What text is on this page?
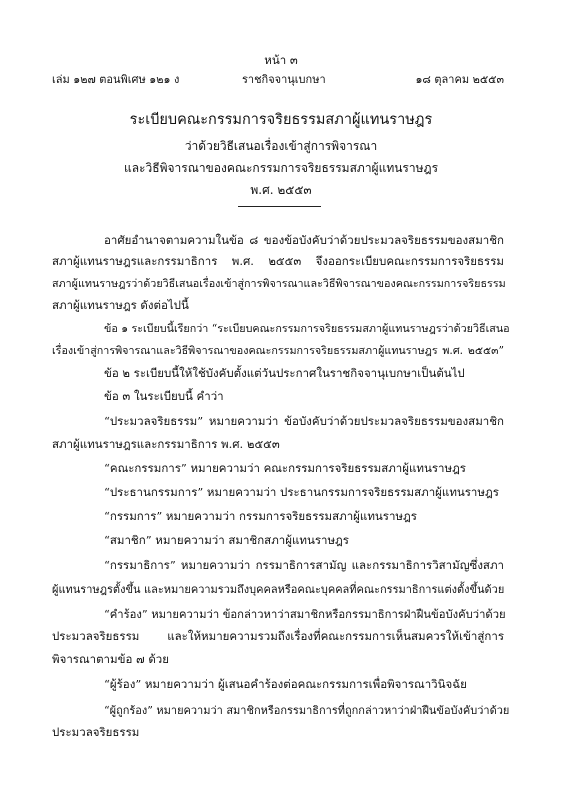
หน้า ๓
เล่ม ๑๒๗ ตอนพิเศษ ๑๒๑ ง	ราชกิจจานุเบกษา	๑๘ ตุลาคม ๒๕๕๓
ระเบียบคณะกรรมการจริยธรรมสภาผู้แทนราษฎร
ว่าด้วยวิธีเสนอเรื่องเข้าสู่การพิจารณา
และวิธีพิจารณาของคณะกรรมการจริยธรรมสภาผู้แทนราษฎร
พ.ศ. ๒๕๕๓
อาศัยอำนาจตามความในข้อ ๘ ของข้อบังคับว่าด้วยประมวลจริยธรรมของสมาชิก
สภาผู้แทนราษฎรและกรรมาธิการ พ.ศ. ๒๕๕๓ จึงออกระเบียบคณะกรรมการจริยธรรม
สภาผู้แทนราษฎรว่าด้วยวิธีเสนอเรื่องเข้าสู่การพิจารณาและวิธีพิจารณาของคณะกรรมการจริยธรรม
สภาผู้แทนราษฎร ดังต่อไปนี้
ข้อ ๑ ระเบียบนี้เรียกว่า “ระเบียบคณะกรรมการจริยธรรมสภาผู้แทนราษฎรว่าด้วยวิธีเสนอ
เรื่องเข้าสู่การพิจารณาและวิธีพิจารณาของคณะกรรมการจริยธรรมสภาผู้แทนราษฎร พ.ศ. ๒๕๕๓”
ข้อ ๒ ระเบียบนี้ให้ใช้บังคับตั้งแต่วันประกาศในราชกิจจานุเบกษาเป็นต้นไป
ข้อ ๓ ในระเบียบนี้ คำว่า
“ประมวลจริยธรรม” หมายความว่า ข้อบังคับว่าด้วยประมวลจริยธรรมของสมาชิก
สภาผู้แทนราษฎรและกรรมาธิการ พ.ศ. ๒๕๕๓
“คณะกรรมการ” หมายความว่า คณะกรรมการจริยธรรมสภาผู้แทนราษฎร
“ประธานกรรมการ” หมายความว่า ประธานกรรมการจริยธรรมสภาผู้แทนราษฎร
“กรรมการ” หมายความว่า กรรมการจริยธรรมสภาผู้แทนราษฎร
“สมาชิก” หมายความว่า สมาชิกสภาผู้แทนราษฎร
“กรรมาธิการ” หมายความว่า กรรมาธิการสามัญ และกรรมาธิการวิสามัญซึ่งสภา
ผู้แทนราษฎรตั้งขึ้น และหมายความรวมถึงบุคคลหรือคณะบุคคลที่คณะกรรมาธิการแต่งตั้งขึ้นด้วย
“คำร้อง” หมายความว่า ข้อกล่าวหาว่าสมาชิกหรือกรรมาธิการฝ่าฝืนข้อบังคับว่าด้วย
ประมวลจริยธรรม และให้หมายความรวมถึงเรื่องที่คณะกรรมการเห็นสมควรให้เข้าสู่การ
พิจารณาตามข้อ ๗ ด้วย
“ผู้ร้อง” หมายความว่า ผู้เสนอคำร้องต่อคณะกรรมการเพื่อพิจารณาวินิจฉัย
“ผู้ถูกร้อง” หมายความว่า สมาชิกหรือกรรมาธิการที่ถูกกล่าวหาว่าฝ่าฝืนข้อบังคับว่าด้วย
ประมวลจริยธรรม
